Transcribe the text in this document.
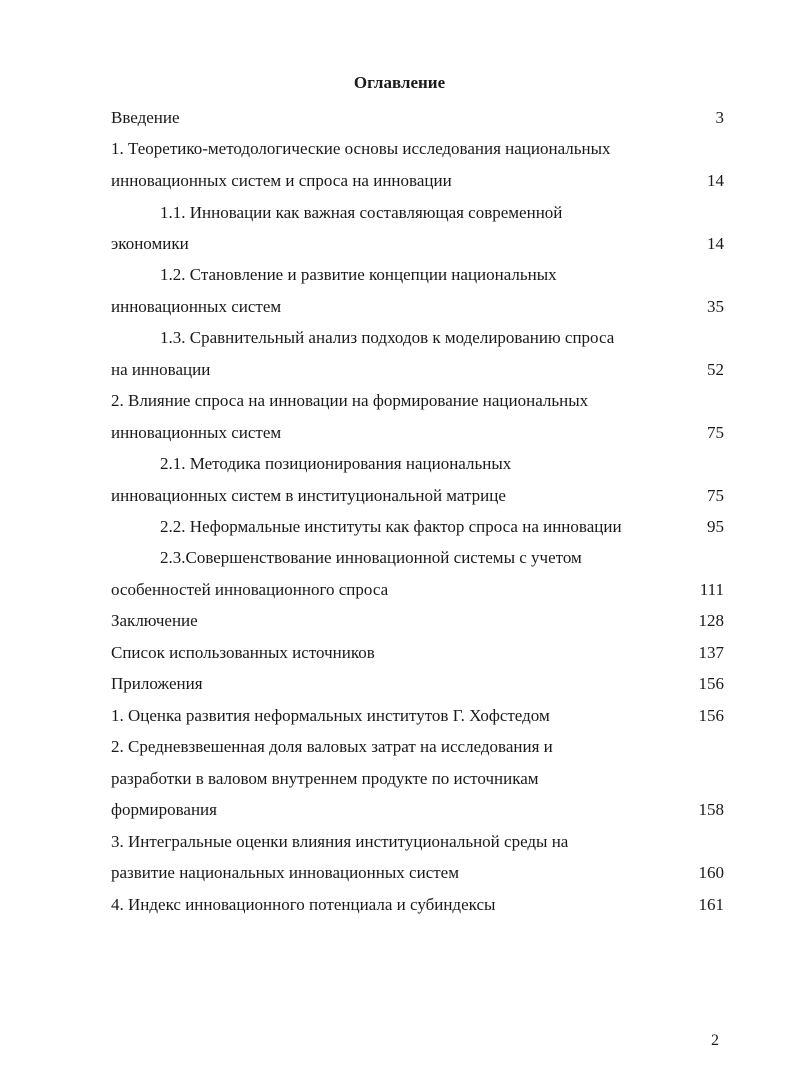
Оглавление
Введение	3
1. Теоретико-методологические основы исследования национальных
инновационных систем и спроса на инновации	14
1.1. Инновации как важная составляющая современной
экономики	14
1.2. Становление и развитие концепции национальных
инновационных систем	35
1.3. Сравнительный анализ подходов к моделированию спроса
на инновации	52
2. Влияние спроса на инновации на формирование национальных
инновационных систем	75
2.1. Методика позиционирования национальных
инновационных систем в институциональной матрице	75
2.2. Неформальные институты как фактор спроса на инновации	95
2.3.Совершенствование инновационной системы с учетом
особенностей инновационного спроса	111
Заключение	128
Список использованных источников	137
Приложения	156
1. Оценка развития неформальных институтов Г. Хофстедом	156
2. Средневзвешенная доля валовых затрат на исследования и
разработки в валовом внутреннем продукте по источникам
формирования	158
3. Интегральные оценки влияния институциональной среды на
развитие национальных инновационных систем	160
4. Индекс инновационного потенциала и субиндексы	161
2
